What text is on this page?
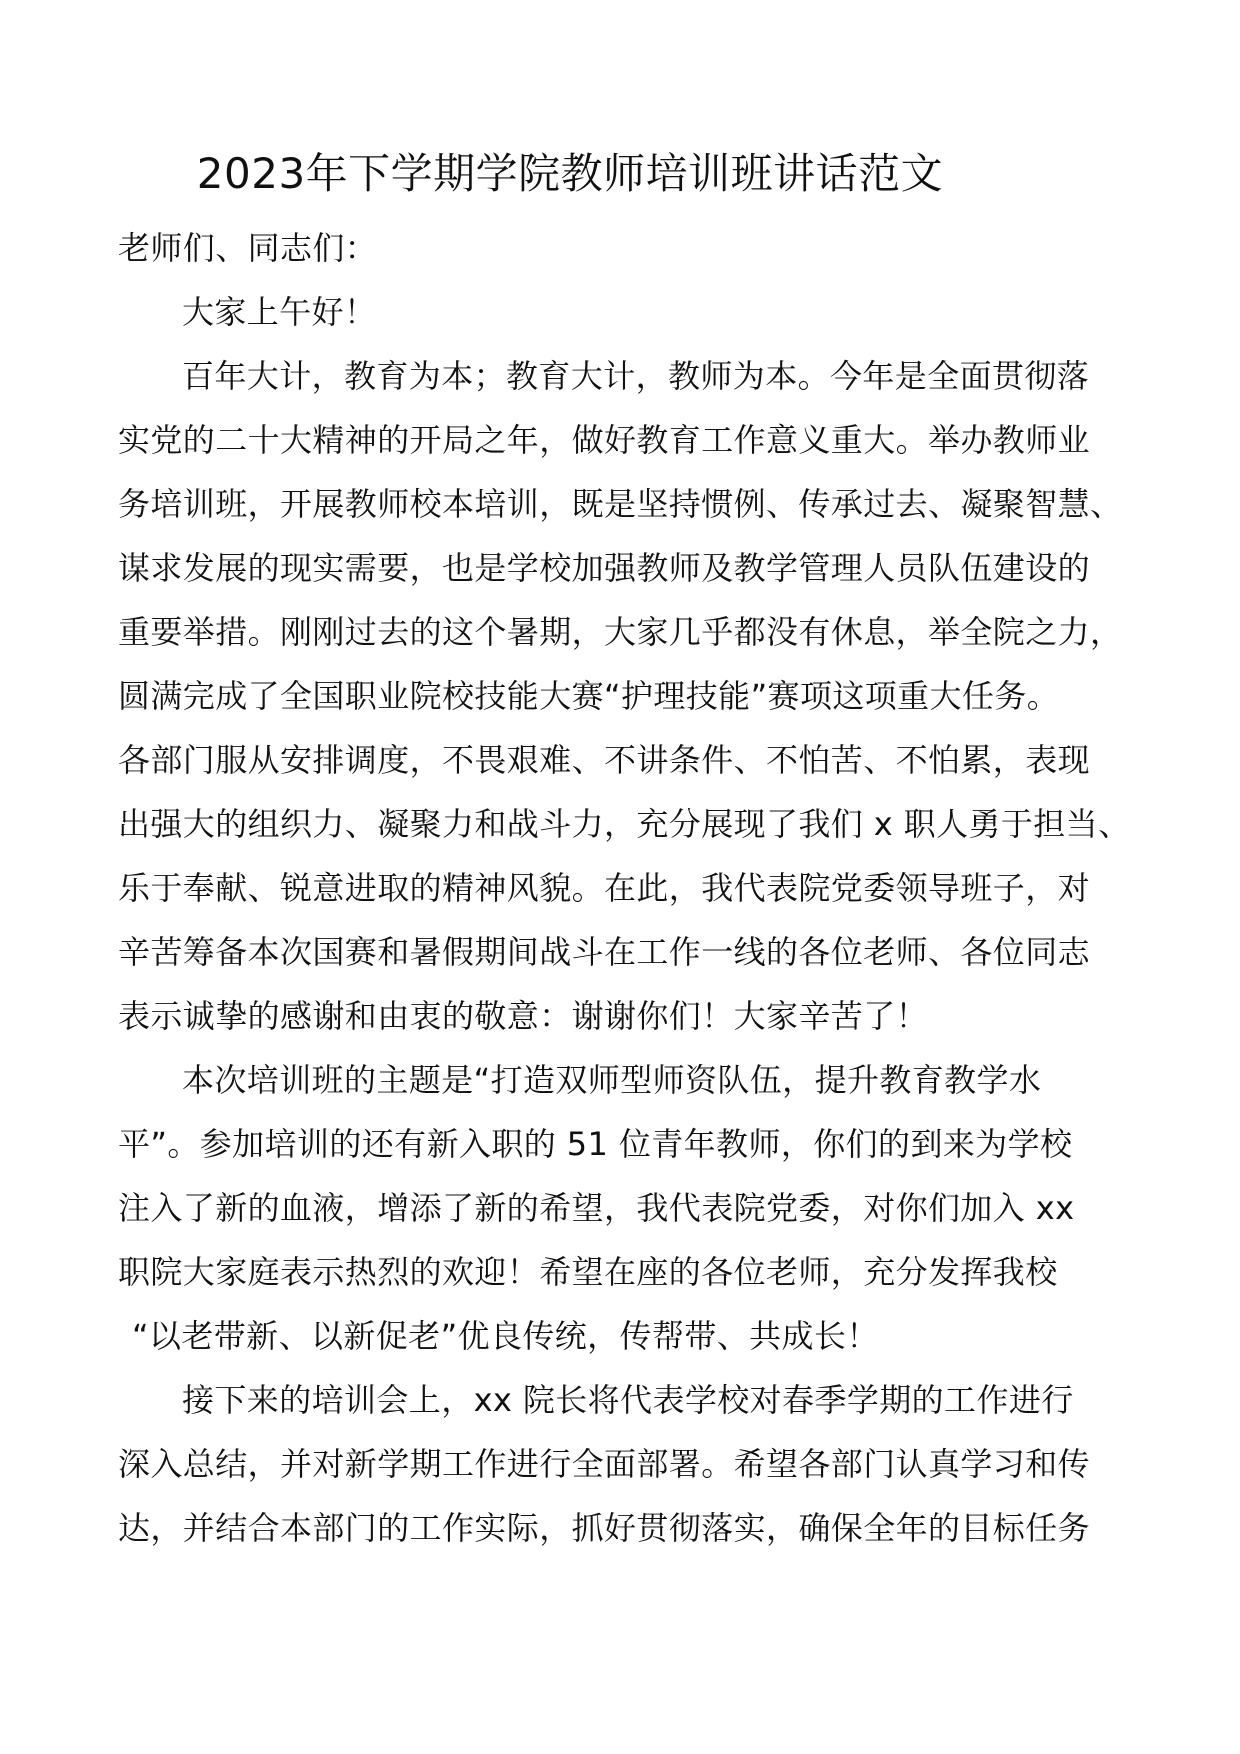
2023年下学期学院教师培训班讲话范文
老师们、同志们：
大家上午好！
百年大计，教育为本；教育大计，教师为本。今年是全面贯彻落
实党的二十大精神的开局之年，做好教育工作意义重大。举办教师业
务培训班，开展教师校本培训，既是坚持惯例、传承过去、凝聚智慧、
谋求发展的现实需要，也是学校加强教师及教学管理人员队伍建设的
重要举措。刚刚过去的这个暑期，大家几乎都没有休息，举全院之力，
圆满完成了全国职业院校技能大赛“护理技能”赛项这项重大任务。
各部门服从安排调度，不畏艰难、不讲条件、不怕苦、不怕累，表现
出强大的组织力、凝聚力和战斗力，充分展现了我们 x 职人勇于担当、
乐于奉献、锐意进取的精神风貌。在此，我代表院党委领导班子，对
辛苦筹备本次国赛和暑假期间战斗在工作一线的各位老师、各位同志
表示诚挚的感谢和由衷的敬意：谢谢你们！大家辛苦了！
本次培训班的主题是“打造双师型师资队伍，提升教育教学水
平”。参加培训的还有新入职的 51 位青年教师，你们的到来为学校
注入了新的血液，增添了新的希望，我代表院党委，对你们加入 xx
职院大家庭表示热烈的欢迎！希望在座的各位老师，充分发挥我校
“以老带新、以新促老”优良传统，传帮带、共成长！
接下来的培训会上，xx 院长将代表学校对春季学期的工作进行
深入总结，并对新学期工作进行全面部署。希望各部门认真学习和传
达，并结合本部门的工作实际，抓好贯彻落实，确保全年的目标任务
